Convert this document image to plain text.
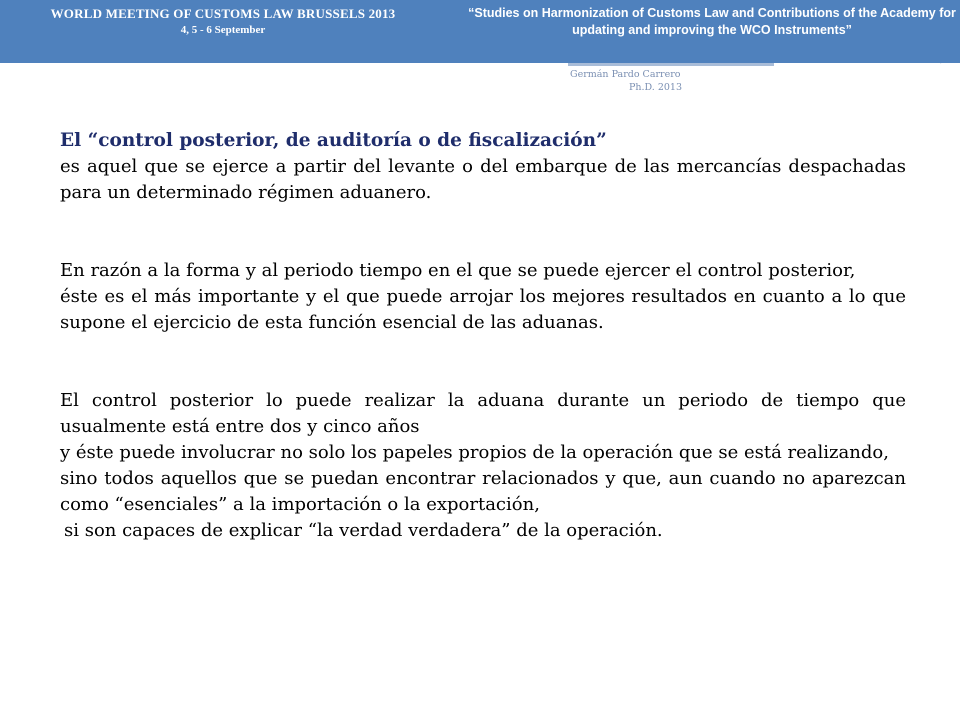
WORLD MEETING OF CUSTOMS LAW BRUSSELS 2013
4, 5 - 6 September
“Studies on Harmonization of Customs Law and Contributions of the Academy for updating and improving the WCO Instruments”
·
Germán Pardo Carrero
Ph.D. 2013
El “control posterior, de auditoría o de fiscalización”

es aquel que se ejerce a partir del levante o del embarque de las mercancías despachadas para un determinado régimen aduanero.

En razón a la forma y al periodo tiempo en el que se puede ejercer el control posterior,

éste es el más importante y el que puede arrojar los mejores resultados en cuanto a lo que supone el ejercicio de esta función esencial de las aduanas.

El control posterior lo puede realizar la aduana durante un periodo de tiempo que usualmente está entre dos y cinco años

y éste puede involucrar no solo los papeles propios de la operación que se está realizando,

sino todos aquellos que se puedan encontrar relacionados y que, aun cuando no aparezcan como “esenciales” a la importación o la exportación,

si son capaces de explicar “la verdad verdadera” de la operación.
